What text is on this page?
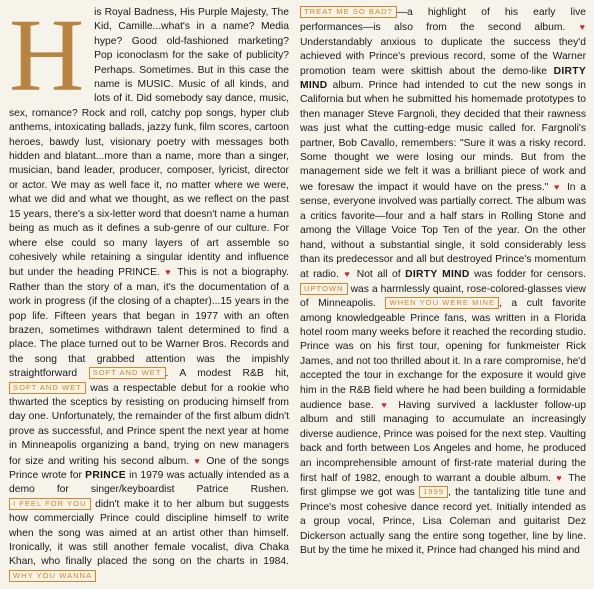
H is Royal Badness, His Purple Majesty, The Kid, Camille...what's in a name? Media hype? Good old-fashioned marketing? Pop iconoclasm for the sake of publicity? Perhaps. Sometimes. But in this case the name is MUSIC. Music of all kinds, and lots of it. Did somebody say dance, music, sex, romance? Rock and roll, catchy pop songs, hyper club anthems, intoxicating ballads, jazzy funk, film scores, cartoon heroes, bawdy lust, visionary poetry with messages both hidden and blatant...more than a name, more than a singer, musician, band leader, producer, composer, lyricist, director or actor. We may as well face it, no matter where we were, what we did and what we thought, as we reflect on the past 15 years, there's a six-letter word that doesn't name a human being as much as it defines a sub-genre of our culture. For where else could so many layers of art assemble so cohesively while retaining a singular identity and influence but under the heading PRINCE. ♥ This is not a biography. Rather than the story of a man, it's the documentation of a work in progress (if the closing of a chapter)...15 years in the pop life. Fifteen years that began in 1977 with an often brazen, sometimes withdrawn talent determined to find a place. The place turned out to be Warner Bros. Records and the song that grabbed attention was the impishly straightforward SOFT AND WET . A modest R&B hit, SOFT AND WET was a respectable debut for a rookie who thwarted the sceptics by resisting on producing himself from day one. Unfortunately, the remainder of the first album didn't prove as successful, and Prince spent the next year at home in Minneapolis organizing a band, trying on new managers for size and writing his second album. ♥ One of the songs Prince wrote for PRINCE in 1979 was actually intended as a demo for singer/keyboardist Patrice Rushen. I FEEL FOR YOU didn't make it to her album but suggests how commercially Prince could discipline himself to write when the song was aimed at an artist other than himself. Ironically, it was still another female vocalist, diva Chaka Khan, who finally placed the song on the charts in 1984. WHY YOU WANNA

TREAT ME SO BAD? —a highlight of his early live performances—is also from the second album. ♥ Understandably anxious to duplicate the success they'd achieved with Prince's previous record, some of the Warner promotion team were skittish about the demo-like DIRTY MIND album. Prince had intended to cut the new songs in California but when he submitted his homemade prototypes to then manager Steve Fargnoli, they decided that their rawness was just what the cutting-edge music called for. Fargnoli's partner, Bob Cavallo, remembers: "Sure it was a risky record. Some thought we were losing our minds. But from the management side we felt it was a brilliant piece of work and we foresaw the impact it would have on the press." ♥ In a sense, everyone involved was partially correct. The album was a critics favorite—four and a half stars in Rolling Stone and among the Village Voice Top Ten of the year. On the other hand, without a substantial single, it sold considerably less than its predecessor and all but destroyed Prince's momentum at radio. ♥ Not all of DIRTY MIND was fodder for censors. UPTOWN was a harmlessly quaint, rose-colored-glasses view of Minneapolis. WHEN YOU WERE MINE , a cult favorite among knowledgeable Prince fans, was written in a Florida hotel room many weeks before it reached the recording studio. Prince was on his first tour, opening for funkmeister Rick James, and not too thrilled about it. In a rare compromise, he'd accepted the tour in exchange for the exposure it would give him in the R&B field where he had been building a formidable audience base. ♥ Having survived a lackluster follow-up album and still managing to accumulate an increasingly diverse audience, Prince was poised for the next step. Vaulting back and forth between Los Angeles and home, he produced an incomprehensible amount of first-rate material during the first half of 1982, enough to warrant a double album. ♥ The first glimpse we got was 1999 , the tantalizing title tune and Prince's most cohesive dance record yet. Initially intended as a group vocal, Prince, Lisa Coleman and guitarist Dez Dickerson actually sang the entire song together, line by line. But by the time he mixed it, Prince had changed his mind and
